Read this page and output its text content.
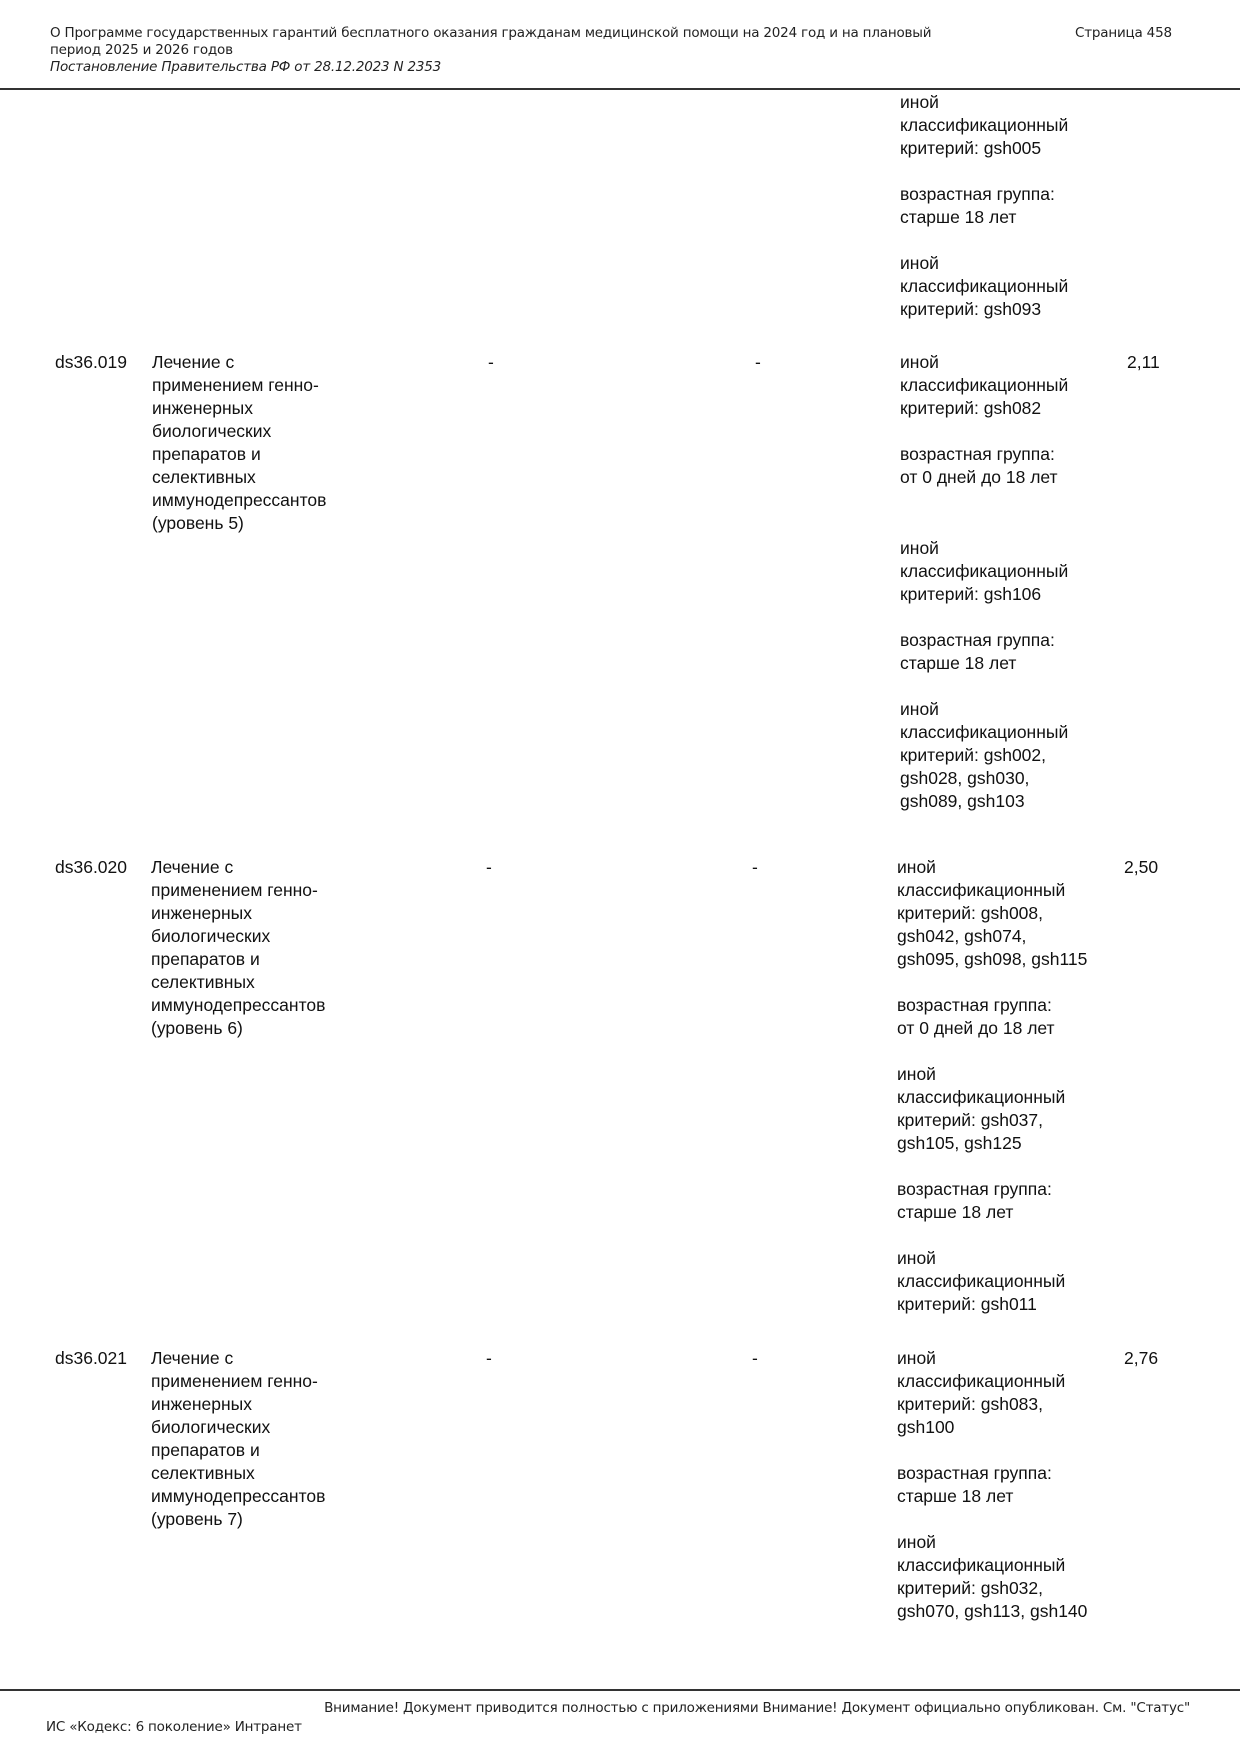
О Программе государственных гарантий бесплатного оказания гражданам медицинской помощи на 2024 год и на плановый
период 2025 и 2026 годов
Постановление Правительства РФ от 28.12.2023 N 2353
Страница 458
иной
классификационный
критерий: gsh005
возрастная группа:
старше 18 лет
иной
классификационный
критерий: gsh093
ds36.019 Лечение с
применением генно-
инженерных
биологических
препаратов и
селективных
иммунодепрессантов
(уровень 5)
-	-	иной
классификационный
критерий: gsh082
возрастная группа:
от 0 дней до 18 лет
иной
классификационный
критерий: gsh106
возрастная группа:
старше 18 лет
иной
классификационный
критерий: gsh002,
gsh028, gsh030,
gsh089, gsh103
2,11
ds36.020 Лечение с
применением генно-
инженерных
биологических
препаратов и
селективных
иммунодепрессантов
(уровень 6)
-	-	иной
классификационный
критерий: gsh008,
gsh042, gsh074,
gsh095, gsh098, gsh115
возрастная группа:
от 0 дней до 18 лет
иной
классификационный
критерий: gsh037,
gsh105, gsh125
возрастная группа:
старше 18 лет
иной
классификационный
критерий: gsh011
2,50
ds36.021 Лечение с
применением генно-
инженерных
биологических
препаратов и
селективных
иммунодепрессантов
(уровень 7)
-	-	иной
классификационный
критерий: gsh083,
gsh100
возрастная группа:
старше 18 лет
иной
классификационный
критерий: gsh032,
gsh070, gsh113, gsh140
2,76
Внимание! Документ приводится полностью с приложениями Внимание! Документ официально опубликован. См. "Статус"
ИС «Кодекс: 6 поколение» Интранет
